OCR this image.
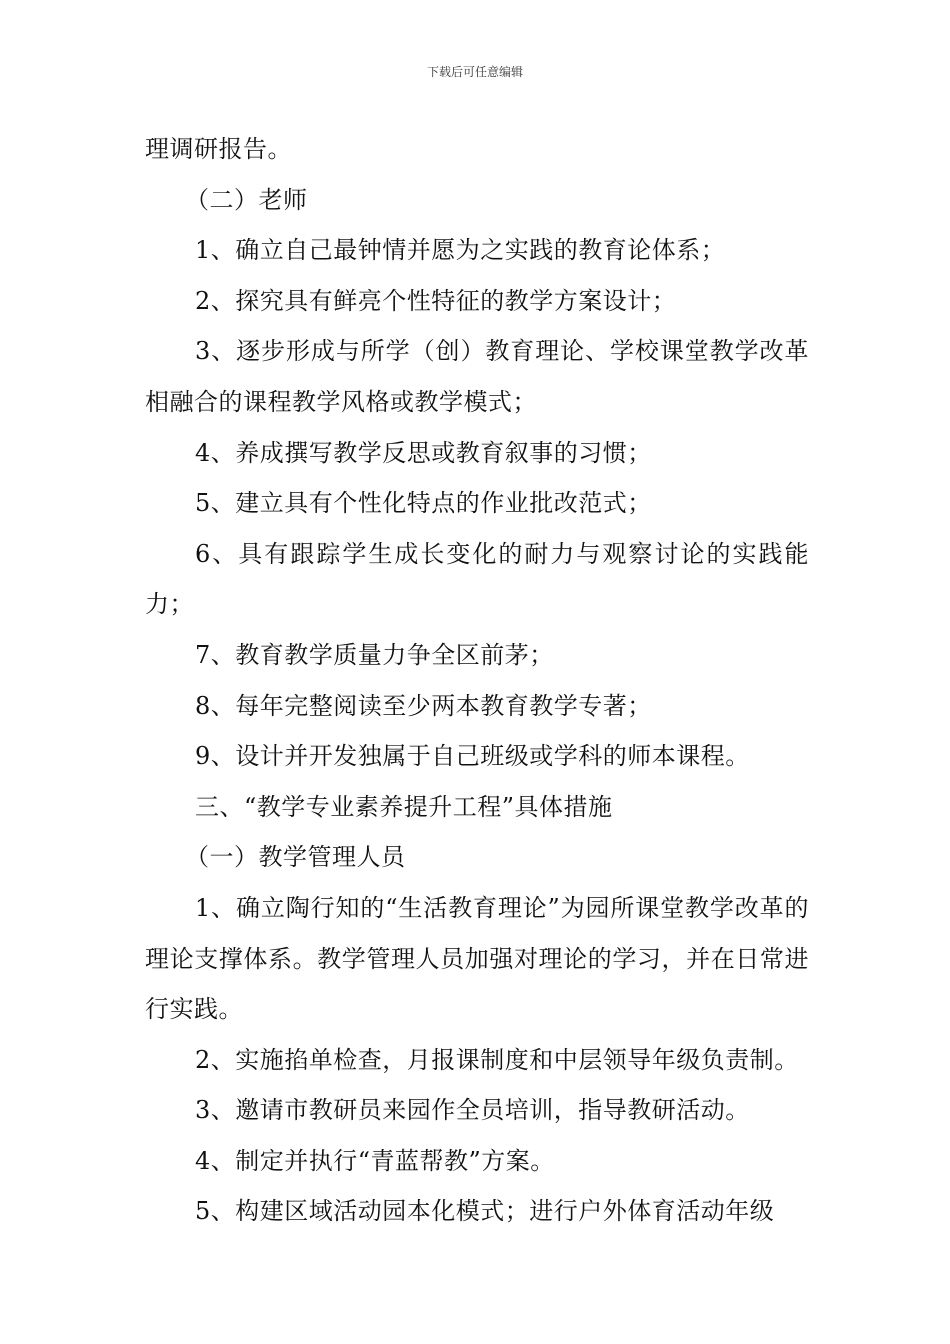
下载后可任意编辑

理调研报告。

（二）老师

1、确立自己最钟情并愿为之实践的教育论体系；

2、探究具有鲜亮个性特征的教学方案设计；

3、逐步形成与所学（创）教育理论、学校课堂教学改革相融合的课程教学风格或教学模式；

4、养成撰写教学反思或教育叙事的习惯；

5、建立具有个性化特点的作业批改范式；

6、具有跟踪学生成长变化的耐力与观察讨论的实践能力；

7、教育教学质量力争全区前茅；

8、每年完整阅读至少两本教育教学专著；

9、设计并开发独属于自己班级或学科的师本课程。

三、“教学专业素养提升工程”具体措施

（一）教学管理人员

1、确立陶行知的“生活教育理论”为园所课堂教学改革的理论支撑体系。教学管理人员加强对理论的学习，并在日常进行实践。

2、实施掐单检查，月报课制度和中层领导年级负责制。

3、邀请市教研员来园作全员培训，指导教研活动。

4、制定并执行“青蓝帮教”方案。

5、构建区域活动园本化模式；进行户外体育活动年级
